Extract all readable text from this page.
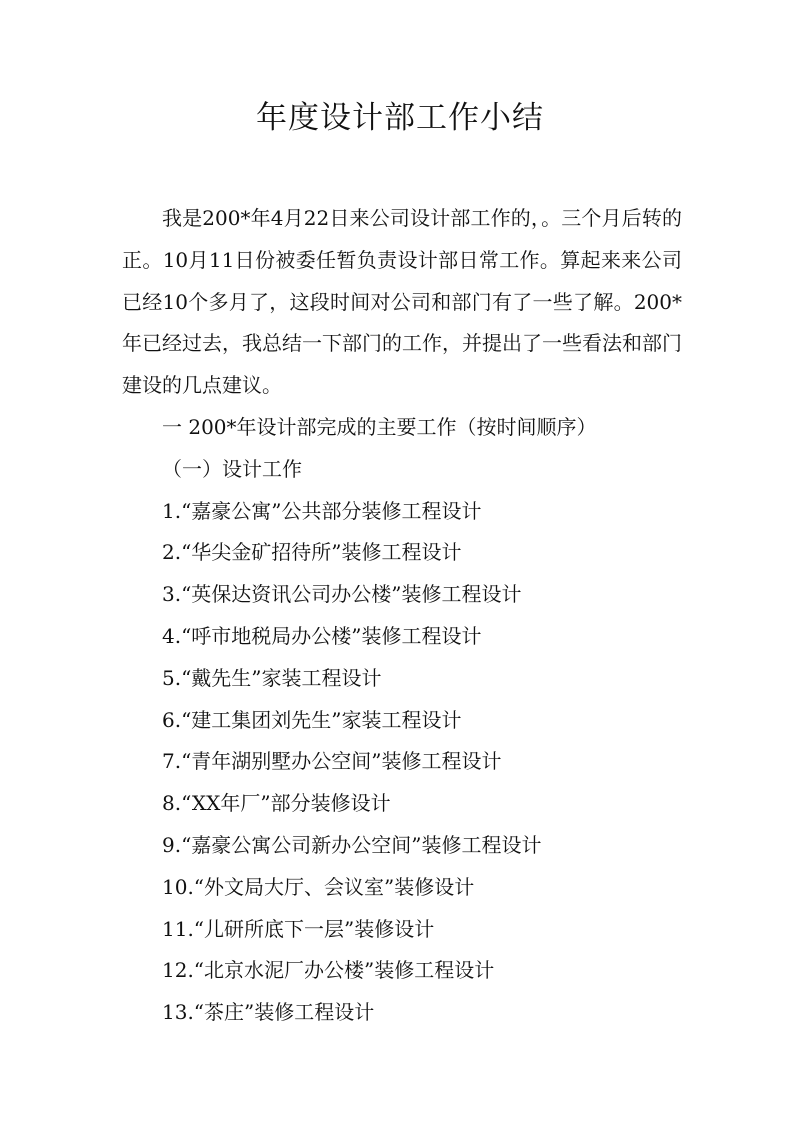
年度设计部工作小结

我是200*年4月22日来公司设计部工作的，。三个月后转的正。10月11日份被委任暂负责设计部日常工作。算起来来公司已经10个多月了，这段时间对公司和部门有了一些了解。200*年已经过去，我总结一下部门的工作，并提出了一些看法和部门建设的几点建议。

一 200*年设计部完成的主要工作（按时间顺序）

（一）设计工作

1.“嘉豪公寓”公共部分装修工程设计

2.“华尖金矿招待所”装修工程设计

3.“英保达资讯公司办公楼”装修工程设计

4.“呼市地税局办公楼”装修工程设计

5.“戴先生”家装工程设计

6.“建工集团刘先生”家装工程设计

7.“青年湖别墅办公空间”装修工程设计

8.“XX年厂”部分装修设计

9.“嘉豪公寓公司新办公空间”装修工程设计

10.“外文局大厅、会议室”装修设计

11.“儿研所底下一层”装修设计

12.“北京水泥厂办公楼”装修工程设计

13.“茶庄”装修工程设计
